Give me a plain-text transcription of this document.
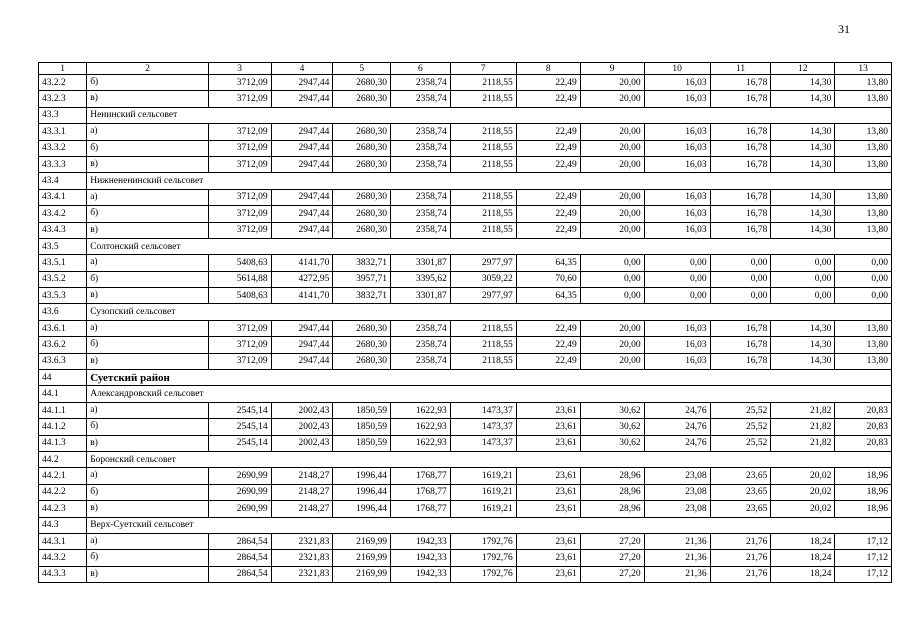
31
1	2	3	4	5	6	7	8	9	10	11	12	13
43.2.2	б)	3712,09	2947,44	2680,30	2358,74	2118,55	22,49	20,00	16,03	16,78	14,30	13,80
43.2.3	в)	3712,09	2947,44	2680,30	2358,74	2118,55	22,49	20,00	16,03	16,78	14,30	13,80
43.3	Ненинский сельсовет											
43.3.1	а)	3712,09	2947,44	2680,30	2358,74	2118,55	22,49	20,00	16,03	16,78	14,30	13,80
43.3.2	б)	3712,09	2947,44	2680,30	2358,74	2118,55	22,49	20,00	16,03	16,78	14,30	13,80
43.3.3	в)	3712,09	2947,44	2680,30	2358,74	2118,55	22,49	20,00	16,03	16,78	14,30	13,80
43.4	Нижнененинский сельсовет											
43.4.1	а)	3712,09	2947,44	2680,30	2358,74	2118,55	22,49	20,00	16,03	16,78	14,30	13,80
43.4.2	б)	3712,09	2947,44	2680,30	2358,74	2118,55	22,49	20,00	16,03	16,78	14,30	13,80
43.4.3	в)	3712,09	2947,44	2680,30	2358,74	2118,55	22,49	20,00	16,03	16,78	14,30	13,80
43.5	Солтонский сельсовет											
43.5.1	а)	5408,63	4141,70	3832,71	3301,87	2977,97	64,35	0,00	0,00	0,00	0,00	0,00
43.5.2	б)	5614,88	4272,95	3957,71	3395,62	3059,22	70,60	0,00	0,00	0,00	0,00	0,00
43.5.3	в)	5408,63	4141,70	3832,71	3301,87	2977,97	64,35	0,00	0,00	0,00	0,00	0,00
43.6	Сузопский сельсовет											
43.6.1	а)	3712,09	2947,44	2680,30	2358,74	2118,55	22,49	20,00	16,03	16,78	14,30	13,80
43.6.2	б)	3712,09	2947,44	2680,30	2358,74	2118,55	22,49	20,00	16,03	16,78	14,30	13,80
43.6.3	в)	3712,09	2947,44	2680,30	2358,74	2118,55	22,49	20,00	16,03	16,78	14,30	13,80
44	Суетский район											
44.1	Александровский сельсовет											
44.1.1	а)	2545,14	2002,43	1850,59	1622,93	1473,37	23,61	30,62	24,76	25,52	21,82	20,83
44.1.2	б)	2545,14	2002,43	1850,59	1622,93	1473,37	23,61	30,62	24,76	25,52	21,82	20,83
44.1.3	в)	2545,14	2002,43	1850,59	1622,93	1473,37	23,61	30,62	24,76	25,52	21,82	20,83
44.2	Боронский сельсовет											
44.2.1	а)	2690,99	2148,27	1996,44	1768,77	1619,21	23,61	28,96	23,08	23,65	20,02	18,96
44.2.2	б)	2690,99	2148,27	1996,44	1768,77	1619,21	23,61	28,96	23,08	23,65	20,02	18,96
44.2.3	в)	2690,99	2148,27	1996,44	1768,77	1619,21	23,61	28,96	23,08	23,65	20,02	18,96
44.3	Верх-Суетский сельсовет											
44.3.1	а)	2864,54	2321,83	2169,99	1942,33	1792,76	23,61	27,20	21,36	21,76	18,24	17,12
44.3.2	б)	2864,54	2321,83	2169,99	1942,33	1792,76	23,61	27,20	21,36	21,76	18,24	17,12
44.3.3	в)	2864,54	2321,83	2169,99	1942,33	1792,76	23,61	27,20	21,36	21,76	18,24	17,12
